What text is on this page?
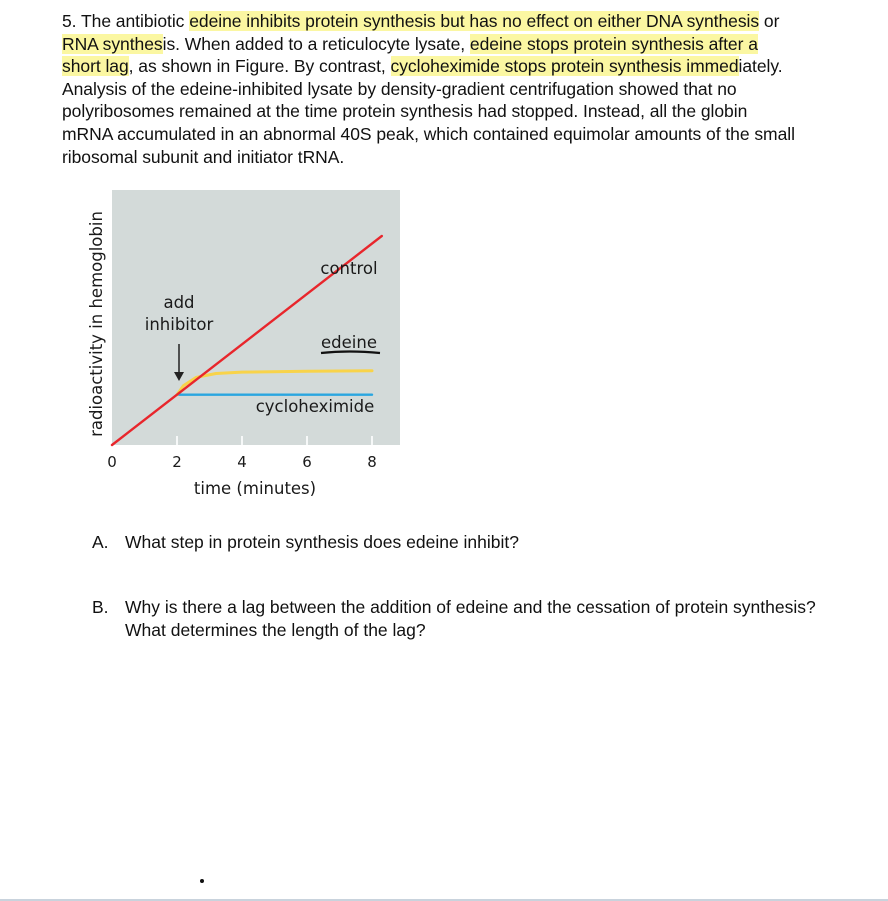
5. The antibiotic edeine inhibits protein synthesis but has no effect on either DNA synthesis or
RNA synthesis. When added to a reticulocyte lysate, edeine stops protein synthesis after a
short lag, as shown in Figure. By contrast, cycloheximide stops protein synthesis immediately.
Analysis of the edeine-inhibited lysate by density-gradient centrifugation showed that no
polyribosomes remained at the time protein synthesis had stopped. Instead, all the globin
mRNA accumulated in an abnormal 40S peak, which contained equimolar amounts of the small
ribosomal subunit and initiator tRNA.
radioactivity in hemoglobin
0	2	4	6	8
time (minutes)
control
edeine
cycloheximide
add
inhibitor
A. What step in protein synthesis does edeine inhibit?
B. Why is there a lag between the addition of edeine and the cessation of protein synthesis? What determines the length of the lag?
